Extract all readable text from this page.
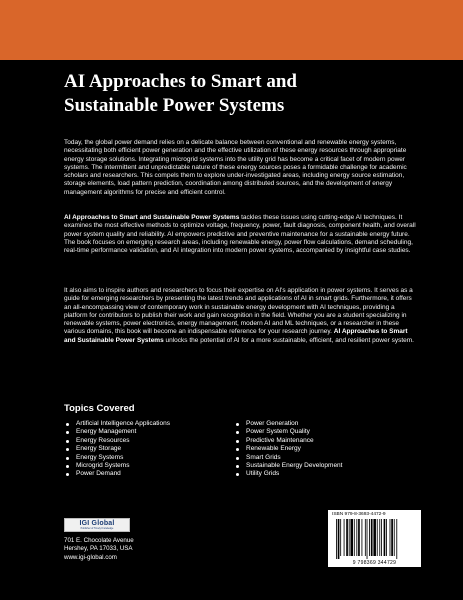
AI Approaches to Smart and
Sustainable Power Systems

Today, the global power demand relies on a delicate balance between conventional and renewable energy systems, necessitating both efficient power generation and the effective utilization of these energy resources through appropriate energy storage solutions. Integrating microgrid systems into the utility grid has become a critical facet of modern power systems. The intermittent and unpredictable nature of these energy sources poses a formidable challenge for academic scholars and researchers. This compels them to explore under-investigated areas, including energy source estimation, storage elements, load pattern prediction, coordination among distributed sources, and the development of energy management algorithms for precise and efficient control.

AI Approaches to Smart and Sustainable Power Systems tackles these issues using cutting-edge AI techniques. It examines the most effective methods to optimize voltage, frequency, power, fault diagnosis, component health, and overall power system quality and reliability. AI empowers predictive and preventive maintenance for a sustainable energy future. The book focuses on emerging research areas, including renewable energy, power flow calculations, demand scheduling, real-time performance validation, and AI integration into modern power systems, accompanied by insightful case studies.

It also aims to inspire authors and researchers to focus their expertise on AI's application in power systems. It serves as a guide for emerging researchers by presenting the latest trends and applications of AI in smart grids. Furthermore, it offers an all-encompassing view of contemporary work in sustainable energy development with AI techniques, providing a platform for contributors to publish their work and gain recognition in the field. Whether you are a student specializing in renewable systems, power electronics, energy management, modern AI and ML techniques, or a researcher in these various domains, this book will become an indispensable reference for your research journey. AI Approaches to Smart and Sustainable Power Systems unlocks the potential of AI for a more sustainable, efficient, and resilient power system.

Topics Covered
Artificial Intelligence Applications
Energy Management
Energy Resources
Energy Storage
Energy Systems
Microgrid Systems
Power Demand
Power Generation
Power System Quality
Predictive Maintenance
Renewable Energy
Smart Grids
Sustainable Energy Development
Utility Grids
IGI Global
Publisher of Timely Knowledge
701 E. Chocolate Avenue
Hershey, PA 17033, USA
www.igi-global.com
ISBN 979-8-3693-4472-9
9 798369 344729
